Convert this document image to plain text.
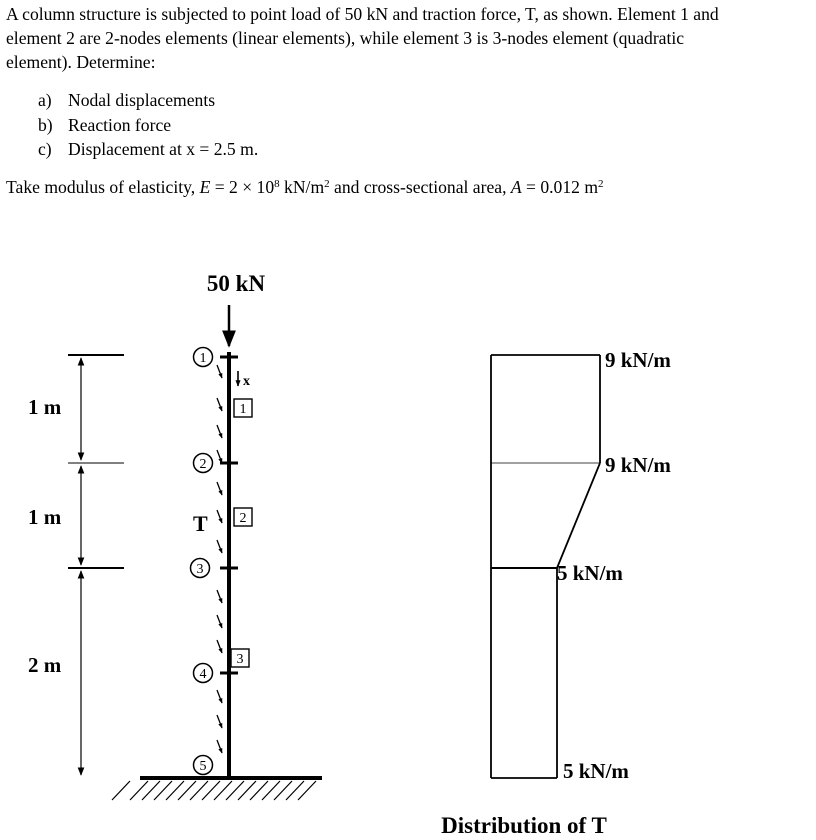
A column structure is subjected to point load of 50 kN and traction force, T, as shown. Element 1 and
element 2 are 2-nodes elements (linear elements), while element 3 is 3-nodes element (quadratic
element). Determine:
a) Nodal displacements
b) Reaction force
c) Displacement at x = 2.5 m.
Take modulus of elasticity, $E = 2 \times 10^8$ $kN/m^2$ and cross-sectional area, A = 0.012 $m^2$
50 kN
x
T
1
2
3
4
5
1
2
3
1 m
1 m
2 m
9 kN/m
9 kN/m
5 kN/m
5 kN/m
Distribution of T
